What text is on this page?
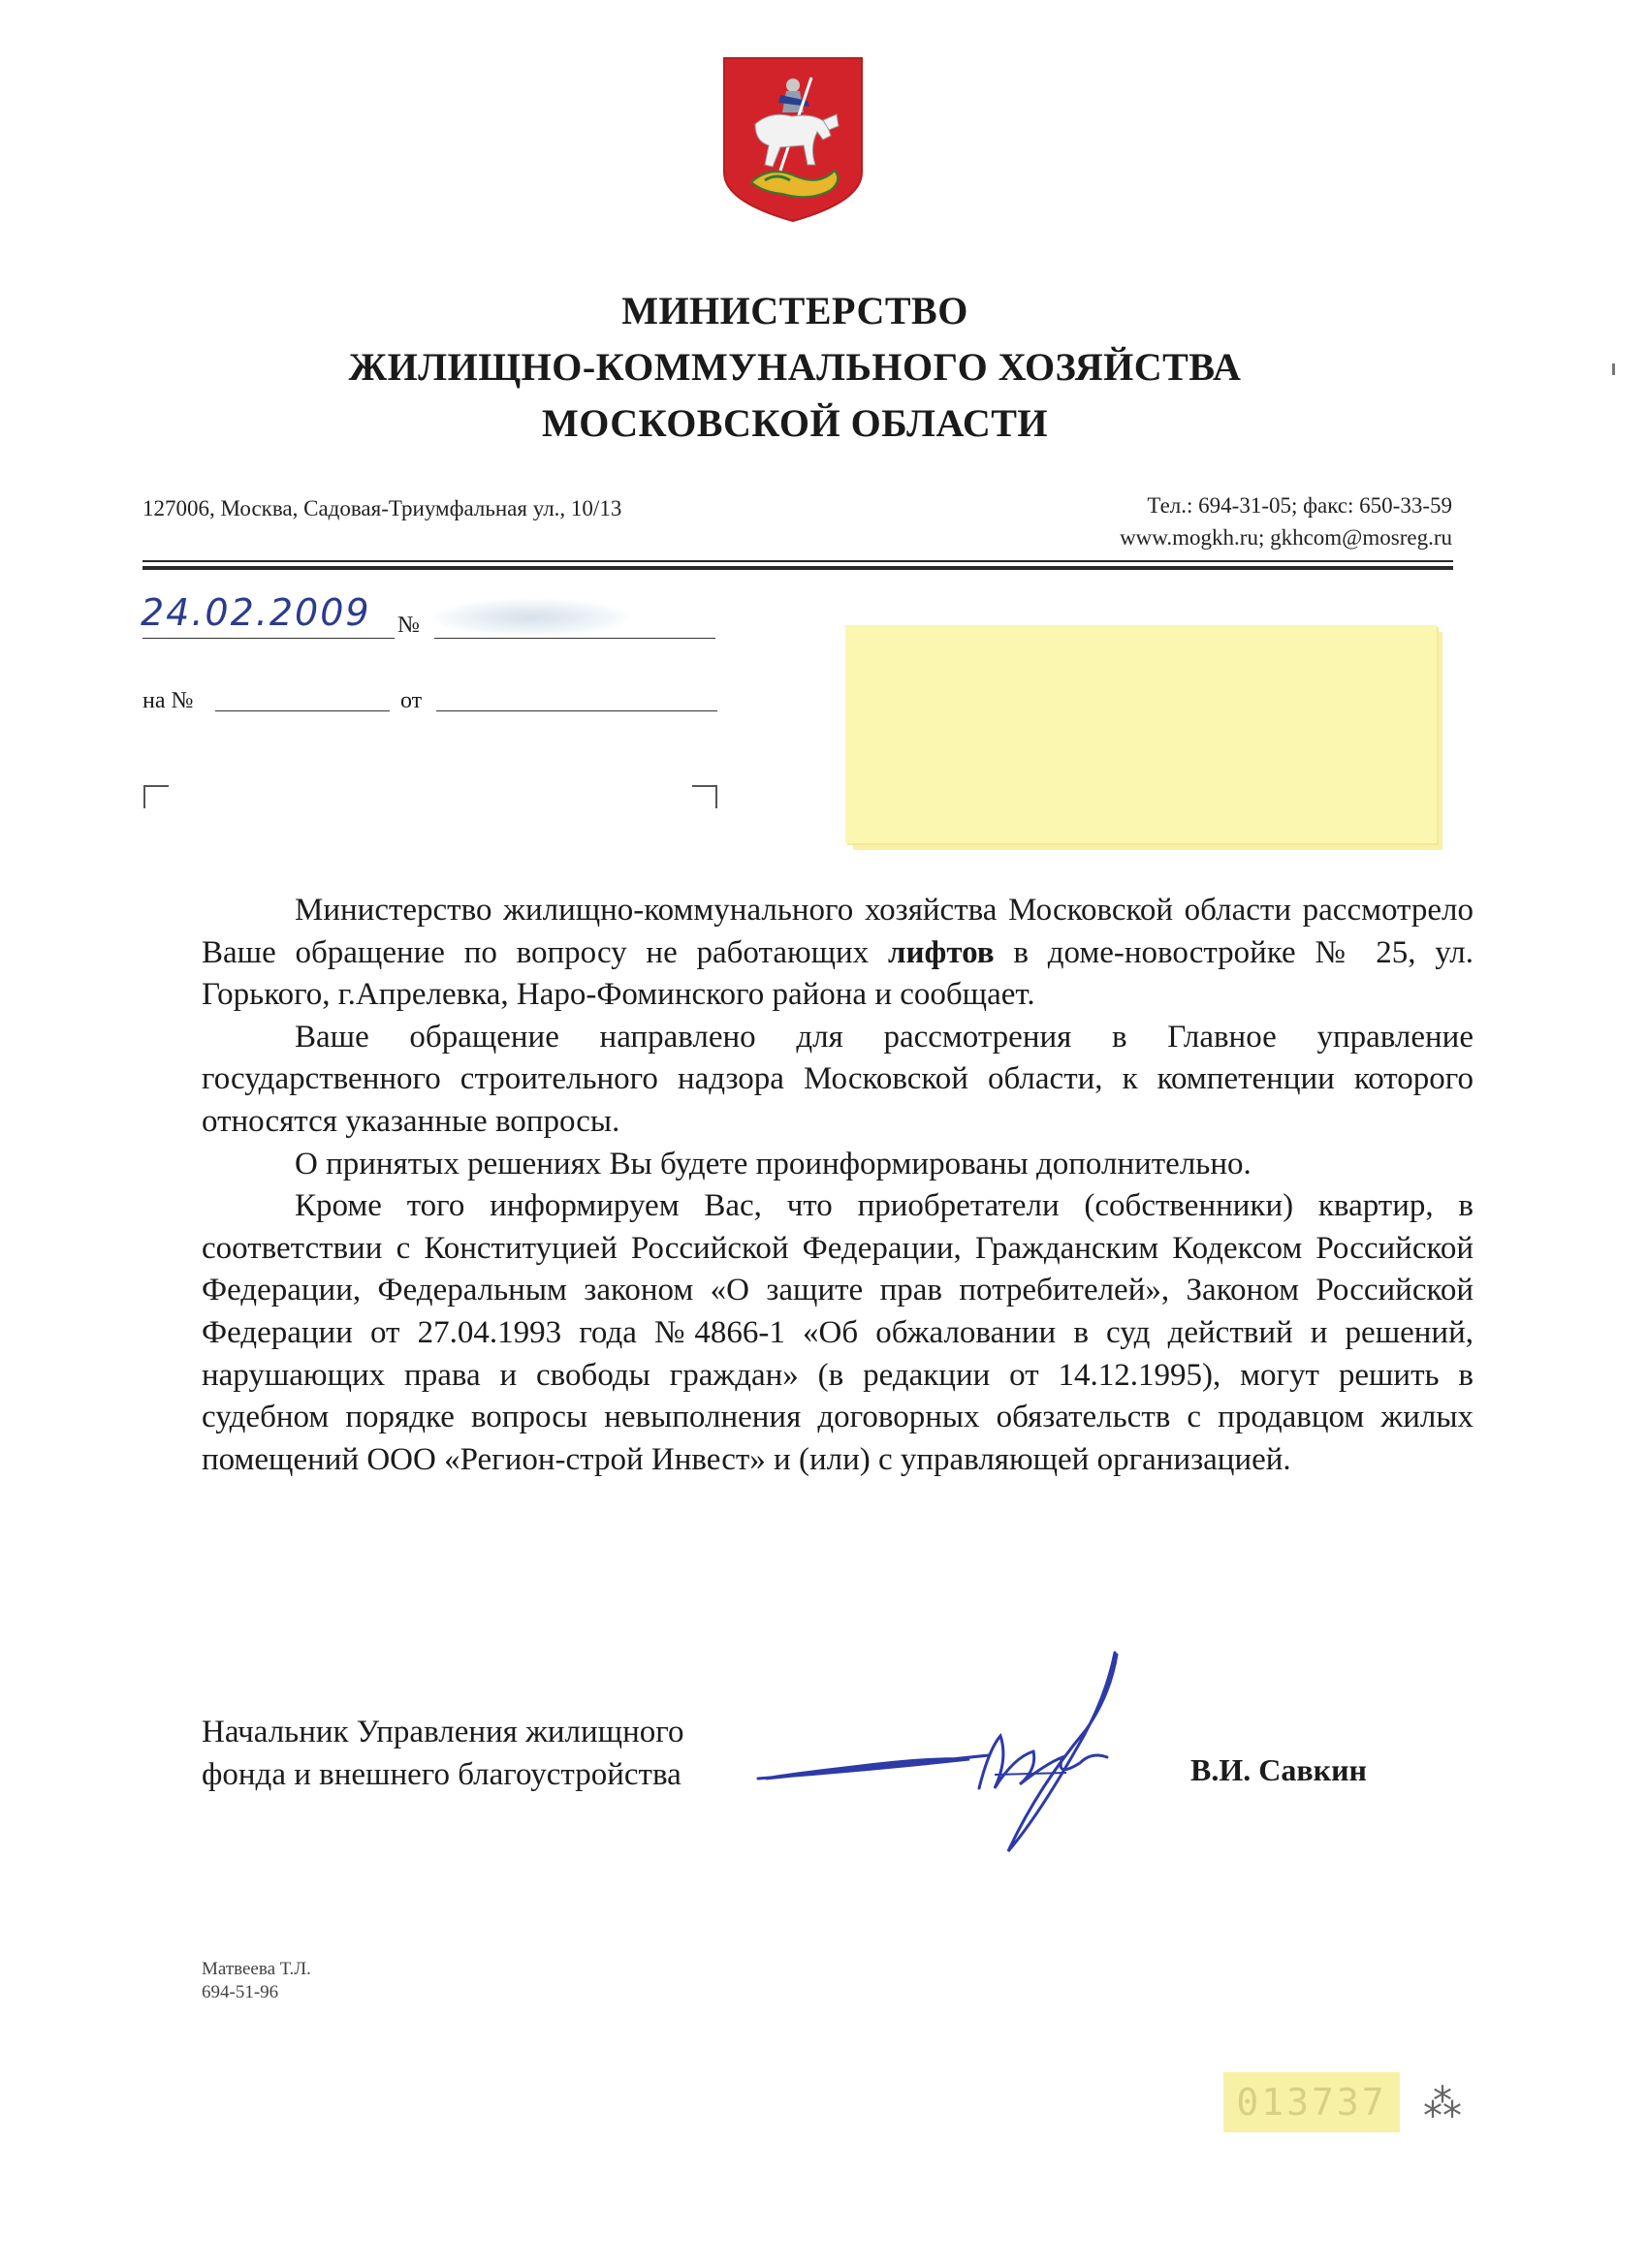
МИНИСТЕРСТВО
ЖИЛИЩНО-КОММУНАЛЬНОГО ХОЗЯЙСТВА
МОСКОВСКОЙ ОБЛАСТИ
127006, Москва, Садовая-Триумфальная ул., 10/13	Тел.: 694-31-05; факс: 650-33-59
www.mogkh.ru; gkhcom@mosreg.ru
24.02.2009 №
на №	от

Министерство жилищно-коммунального хозяйства Московской области рассмотрело Ваше обращение по вопросу не работающих лифтов в доме-новостройке № 25, ул. Горького, г.Апрелевка, Наро-Фоминского района и сообщает.

Ваше обращение направлено для рассмотрения в Главное управление государственного строительного надзора Московской области, к компетенции которого относятся указанные вопросы.

О принятых решениях Вы будете проинформированы дополнительно.

Кроме того информируем Вас, что приобретатели (собственники) квартир, в соответствии с Конституцией Российской Федерации, Гражданским Кодексом Российской Федерации, Федеральным законом «О защите прав потребителей», Законом Российской Федерации от 27.04.1993 года №4866-1 «Об обжаловании в суд действий и решений, нарушающих права и свободы граждан» (в редакции от 14.12.1995), могут решить в судебном порядке вопросы невыполнения договорных обязательств с продавцом жилых помещений ООО «Регион-строй Инвест» и (или) с управляющей организацией.

Начальник Управления жилищного
фонда и внешнего благоустройства	В.И. Савкин
Матвеева Т.Л.
694-51-96
013737 ⁂
